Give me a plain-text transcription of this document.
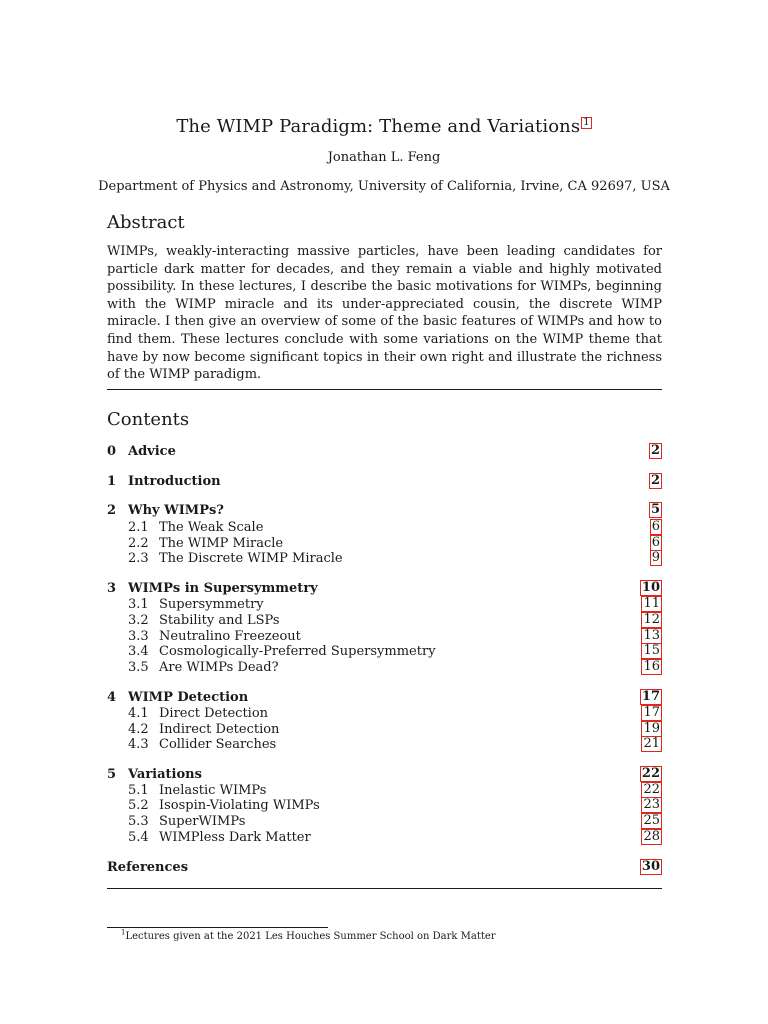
The WIMP Paradigm: Theme and Variations 1
Jonathan L. Feng
Department of Physics and Astronomy, University of California, Irvine, CA 92697, USA
Abstract
WIMPs, weakly-interacting massive particles, have been leading candidates for particle dark matter for decades, and they remain a viable and highly motivated possibility. In these lectures, I describe the basic motivations for WIMPs, beginning with the WIMP miracle and its under-appreciated cousin, the discrete WIMP miracle. I then give an overview of some of the basic features of WIMPs and how to find them. These lectures conclude with some variations on the WIMP theme that have by now become significant topics in their own right and illustrate the richness of the WIMP paradigm.
Contents
0 Advice	2
1 Introduction	2
2 Why WIMPs?	5
2.1 The Weak Scale	6
2.2 The WIMP Miracle	6
2.3 The Discrete WIMP Miracle	9
3 WIMPs in Supersymmetry	10
3.1 Supersymmetry	11
3.2 Stability and LSPs	12
3.3 Neutralino Freezeout	13
3.4 Cosmologically-Preferred Supersymmetry	15
3.5 Are WIMPs Dead?	16
4 WIMP Detection	17
4.1 Direct Detection	17
4.2 Indirect Detection	19
4.3 Collider Searches	21
5 Variations	22
5.1 Inelastic WIMPs	22
5.2 Isospin-Violating WIMPs	23
5.3 SuperWIMPs	25
5.4 WIMPless Dark Matter	28
References	30
$^1$Lectures given at the 2021 Les Houches Summer School on Dark Matter
